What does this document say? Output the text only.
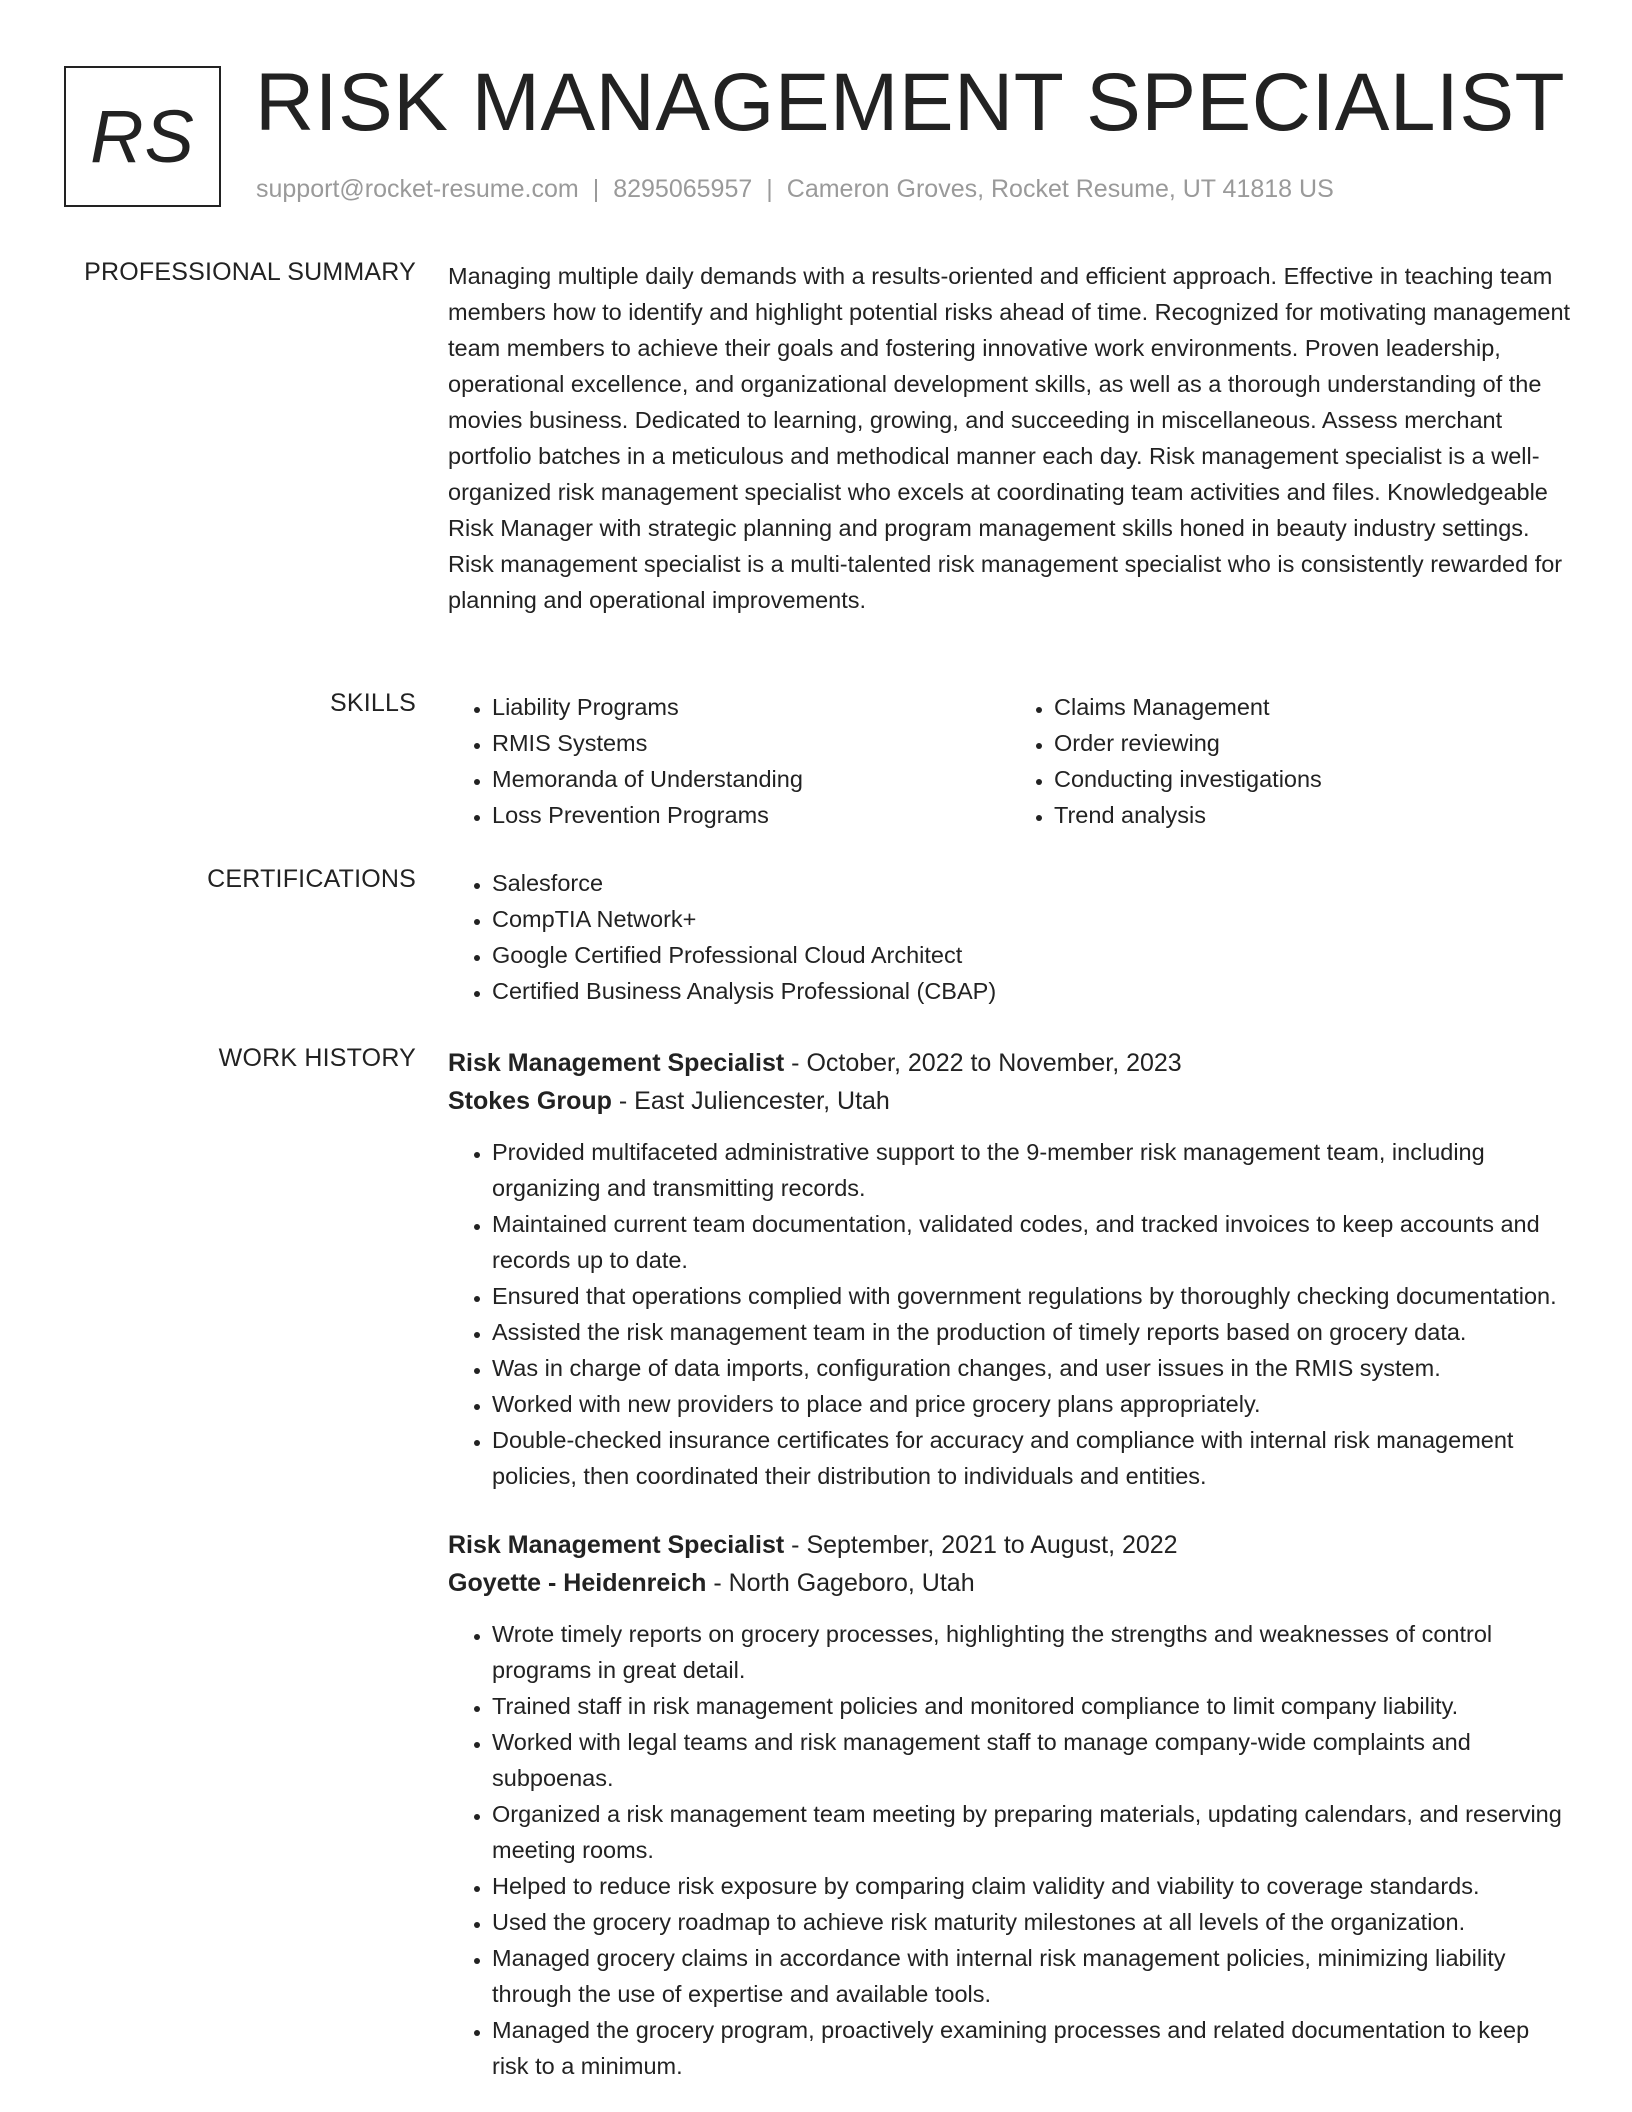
RS RISK MANAGEMENT SPECIALIST
support@rocket-resume.com | 8295065957 | Cameron Groves, Rocket Resume, UT 41818 US
PROFESSIONAL SUMMARY Managing multiple daily demands with a results-oriented and efficient approach. Effective in teaching team members how to identify and highlight potential risks ahead of time. Recognized for motivating management team members to achieve their goals and fostering innovative work environments. Proven leadership, operational excellence, and organizational development skills, as well as a thorough understanding of the movies business. Dedicated to learning, growing, and succeeding in miscellaneous. Assess merchant portfolio batches in a meticulous and methodical manner each day. Risk management specialist is a well-organized risk management specialist who excels at coordinating team activities and files. Knowledgeable Risk Manager with strategic planning and program management skills honed in beauty industry settings. Risk management specialist is a multi-talented risk management specialist who is consistently rewarded for planning and operational improvements.

SKILLS	• Liability Programs
• RMIS Systems
• Memoranda of Understanding
• Loss Prevention Programs
• Claims Management
• Order reviewing
• Conducting investigations
• Trend analysis
CERTIFICATIONS	• Salesforce
• CompTIA Network+
• Google Certified Professional Cloud Architect
• Certified Business Analysis Professional (CBAP)
WORK HISTORY Risk Management Specialist - October, 2022 to November, 2023
Stokes Group - East Juliencester, Utah
• Provided multifaceted administrative support to the 9-member risk management team, including organizing and transmitting records.
• Maintained current team documentation, validated codes, and tracked invoices to keep accounts and records up to date.
• Ensured that operations complied with government regulations by thoroughly checking documentation.
• Assisted the risk management team in the production of timely reports based on grocery data.
• Was in charge of data imports, configuration changes, and user issues in the RMIS system.
• Worked with new providers to place and price grocery plans appropriately.
• Double-checked insurance certificates for accuracy and compliance with internal risk management policies, then coordinated their distribution to individuals and entities.
Risk Management Specialist - September, 2021 to August, 2022
Goyette - Heidenreich - North Gageboro, Utah
• Wrote timely reports on grocery processes, highlighting the strengths and weaknesses of control programs in great detail.
• Trained staff in risk management policies and monitored compliance to limit company liability.
• Worked with legal teams and risk management staff to manage company-wide complaints and subpoenas.
• Organized a risk management team meeting by preparing materials, updating calendars, and reserving meeting rooms.
• Helped to reduce risk exposure by comparing claim validity and viability to coverage standards.
• Used the grocery roadmap to achieve risk maturity milestones at all levels of the organization.
• Managed grocery claims in accordance with internal risk management policies, minimizing liability through the use of expertise and available tools.
• Managed the grocery program, proactively examining processes and related documentation to keep risk to a minimum.
